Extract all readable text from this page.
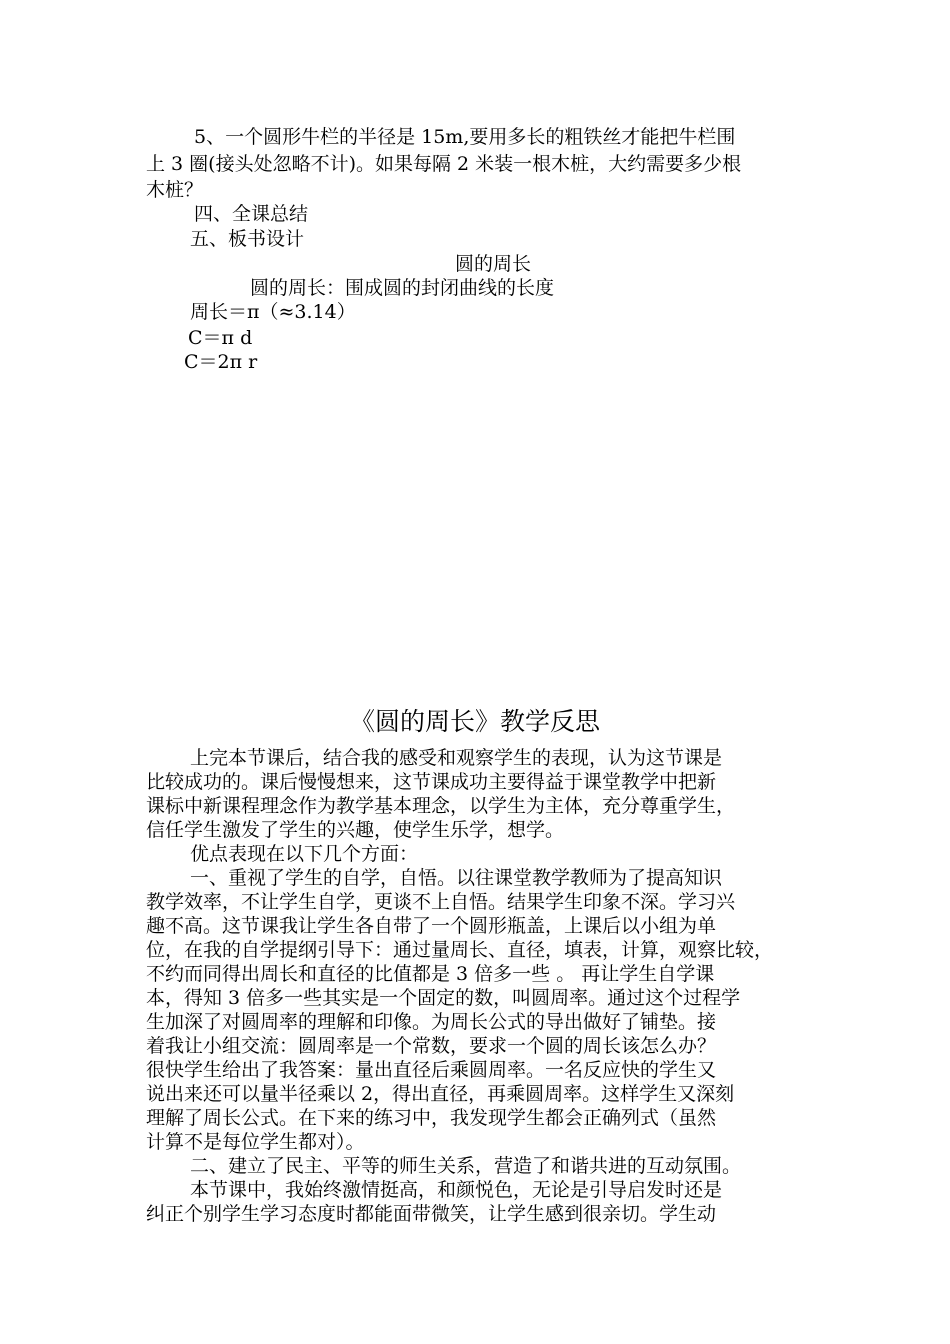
5、一个圆形牛栏的半径是 15m,要用多长的粗铁丝才能把牛栏围
上 3 圈(接头处忽略不计)。如果每隔 2 米装一根木桩，大约需要多少根
木桩？
四、全课总结
五、板书设计
圆的周长
圆的周长：围成圆的封闭曲线的长度
周长＝π（≈3.14）
C＝π d
C＝2π r
《圆的周长》教学反思
上完本节课后，结合我的感受和观察学生的表现，认为这节课是
比较成功的。课后慢慢想来，这节课成功主要得益于课堂教学中把新
课标中新课程理念作为教学基本理念，以学生为主体，充分尊重学生，
信任学生激发了学生的兴趣，使学生乐学，想学。
优点表现在以下几个方面：
一、重视了学生的自学，自悟。以往课堂教学教师为了提高知识
教学效率，不让学生自学，更谈不上自悟。结果学生印象不深。学习兴
趣不高。这节课我让学生各自带了一个圆形瓶盖，上课后以小组为单
位，在我的自学提纲引导下：通过量周长、直径，填表，计算，观察比较，
不约而同得出周长和直径的比值都是 3 倍多一些 。 再让学生自学课
本，得知 3 倍多一些其实是一个固定的数，叫圆周率。通过这个过程学
生加深了对圆周率的理解和印像。为周长公式的导出做好了铺垫。接
着我让小组交流：圆周率是一个常数，要求一个圆的周长该怎么办？
很快学生给出了我答案：量出直径后乘圆周率。一名反应快的学生又
说出来还可以量半径乘以 2，得出直径，再乘圆周率。这样学生又深刻
理解了周长公式。在下来的练习中，我发现学生都会正确列式（虽然
计算不是每位学生都对）。
二、建立了民主、平等的师生关系，营造了和谐共进的互动氛围。
本节课中，我始终激情挺高，和颜悦色，无论是引导启发时还是
纠正个别学生学习态度时都能面带微笑，让学生感到很亲切。学生动
